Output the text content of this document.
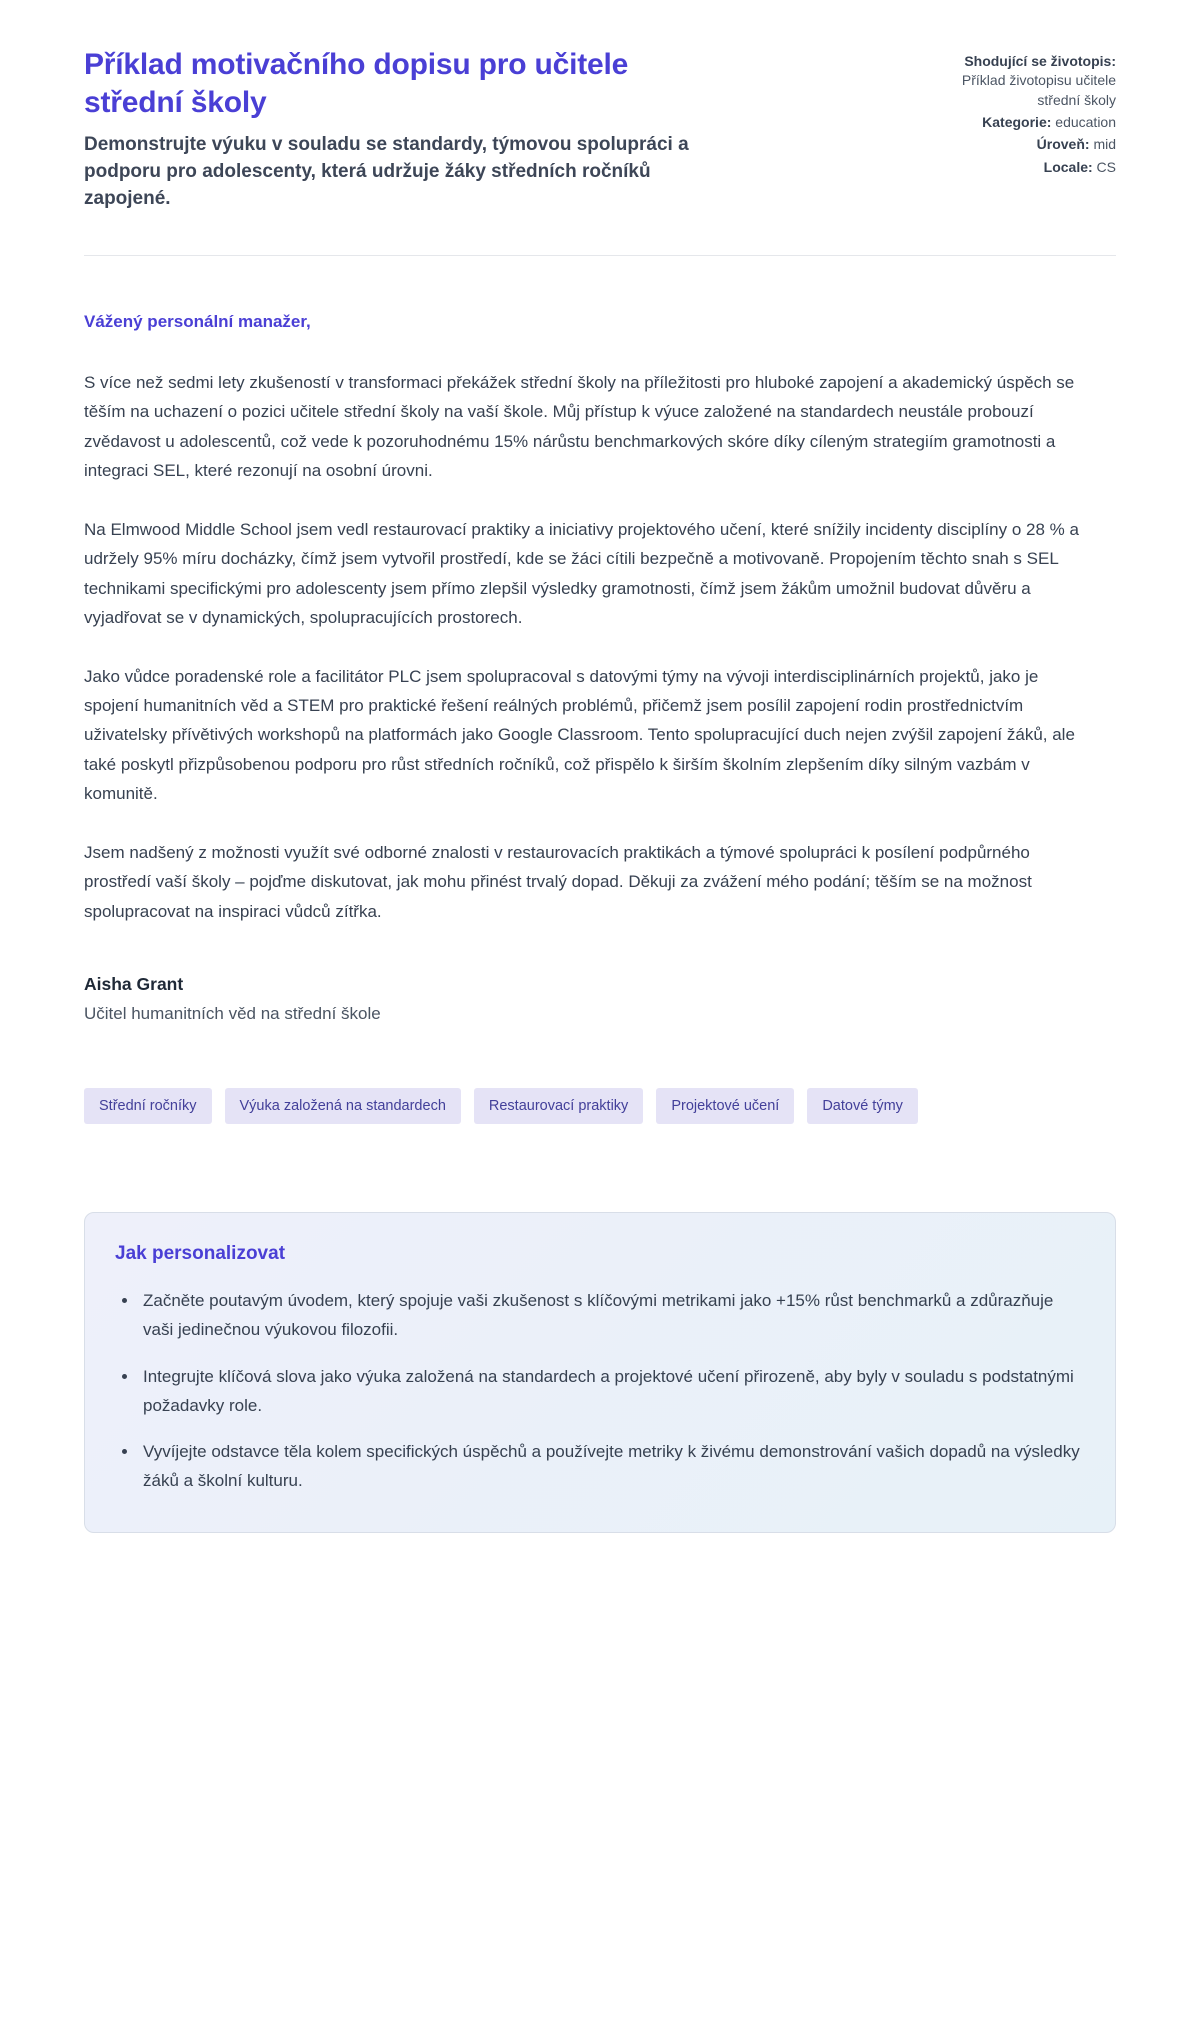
Příklad motivačního dopisu pro učitele střední školy
Demonstrujte výuku v souladu se standardy, týmovou spolupráci a podporu pro adolescenty, která udržuje žáky středních ročníků zapojené.
Shodující se životopis: Příklad životopisu učitele střední školy
Kategorie: education
Úroveň: mid
Locale: CS
Vážený personální manažer,

S více než sedmi lety zkušeností v transformaci překážek střední školy na příležitosti pro hluboké zapojení a akademický úspěch se těším na uchazení o pozici učitele střední školy na vaší škole. Můj přístup k výuce založené na standardech neustále probouzí zvědavost u adolescentů, což vede k pozoruhodnému 15% nárůstu benchmarkových skóre díky cíleným strategiím gramotnosti a integraci SEL, které rezonují na osobní úrovni.

Na Elmwood Middle School jsem vedl restaurovací praktiky a iniciativy projektového učení, které snížily incidenty disciplíny o 28 % a udržely 95% míru docházky, čímž jsem vytvořil prostředí, kde se žáci cítili bezpečně a motivovaně. Propojením těchto snah s SEL technikami specifickými pro adolescenty jsem přímo zlepšil výsledky gramotnosti, čímž jsem žákům umožnil budovat důvěru a vyjadřovat se v dynamických, spolupracujících prostorech.

Jako vůdce poradenské role a facilitátor PLC jsem spolupracoval s datovými týmy na vývoji interdisciplinárních projektů, jako je spojení humanitních věd a STEM pro praktické řešení reálných problémů, přičemž jsem posílil zapojení rodin prostřednictvím uživatelsky přívětivých workshopů na platformách jako Google Classroom. Tento spolupracující duch nejen zvýšil zapojení žáků, ale také poskytl přizpůsobenou podporu pro růst středních ročníků, což přispělo k širším školním zlepšením díky silným vazbám v komunitě.

Jsem nadšený z možnosti využít své odborné znalosti v restaurovacích praktikách a týmové spolupráci k posílení podpůrného prostředí vaší školy – pojďme diskutovat, jak mohu přinést trvalý dopad. Děkuji za zvážení mého podání; těším se na možnost spolupracovat na inspiraci vůdců zítřka.

Aisha Grant
Učitel humanitních věd na střední škole
Střední ročníky	Výuka založená na standardech	Restaurovací praktiky	Projektové učení	Datové týmy
Jak personalizovat
• Začněte poutavým úvodem, který spojuje vaši zkušenost s klíčovými metrikami jako +15% růst benchmarků a zdůrazňuje vaši jedinečnou výukovou filozofii.
• Integrujte klíčová slova jako výuka založená na standardech a projektové učení přirozeně, aby byly v souladu s podstatnými požadavky role.
• Vyvíjejte odstavce těla kolem specifických úspěchů a používejte metriky k živému demonstrování vašich dopadů na výsledky žáků a školní kulturu.
